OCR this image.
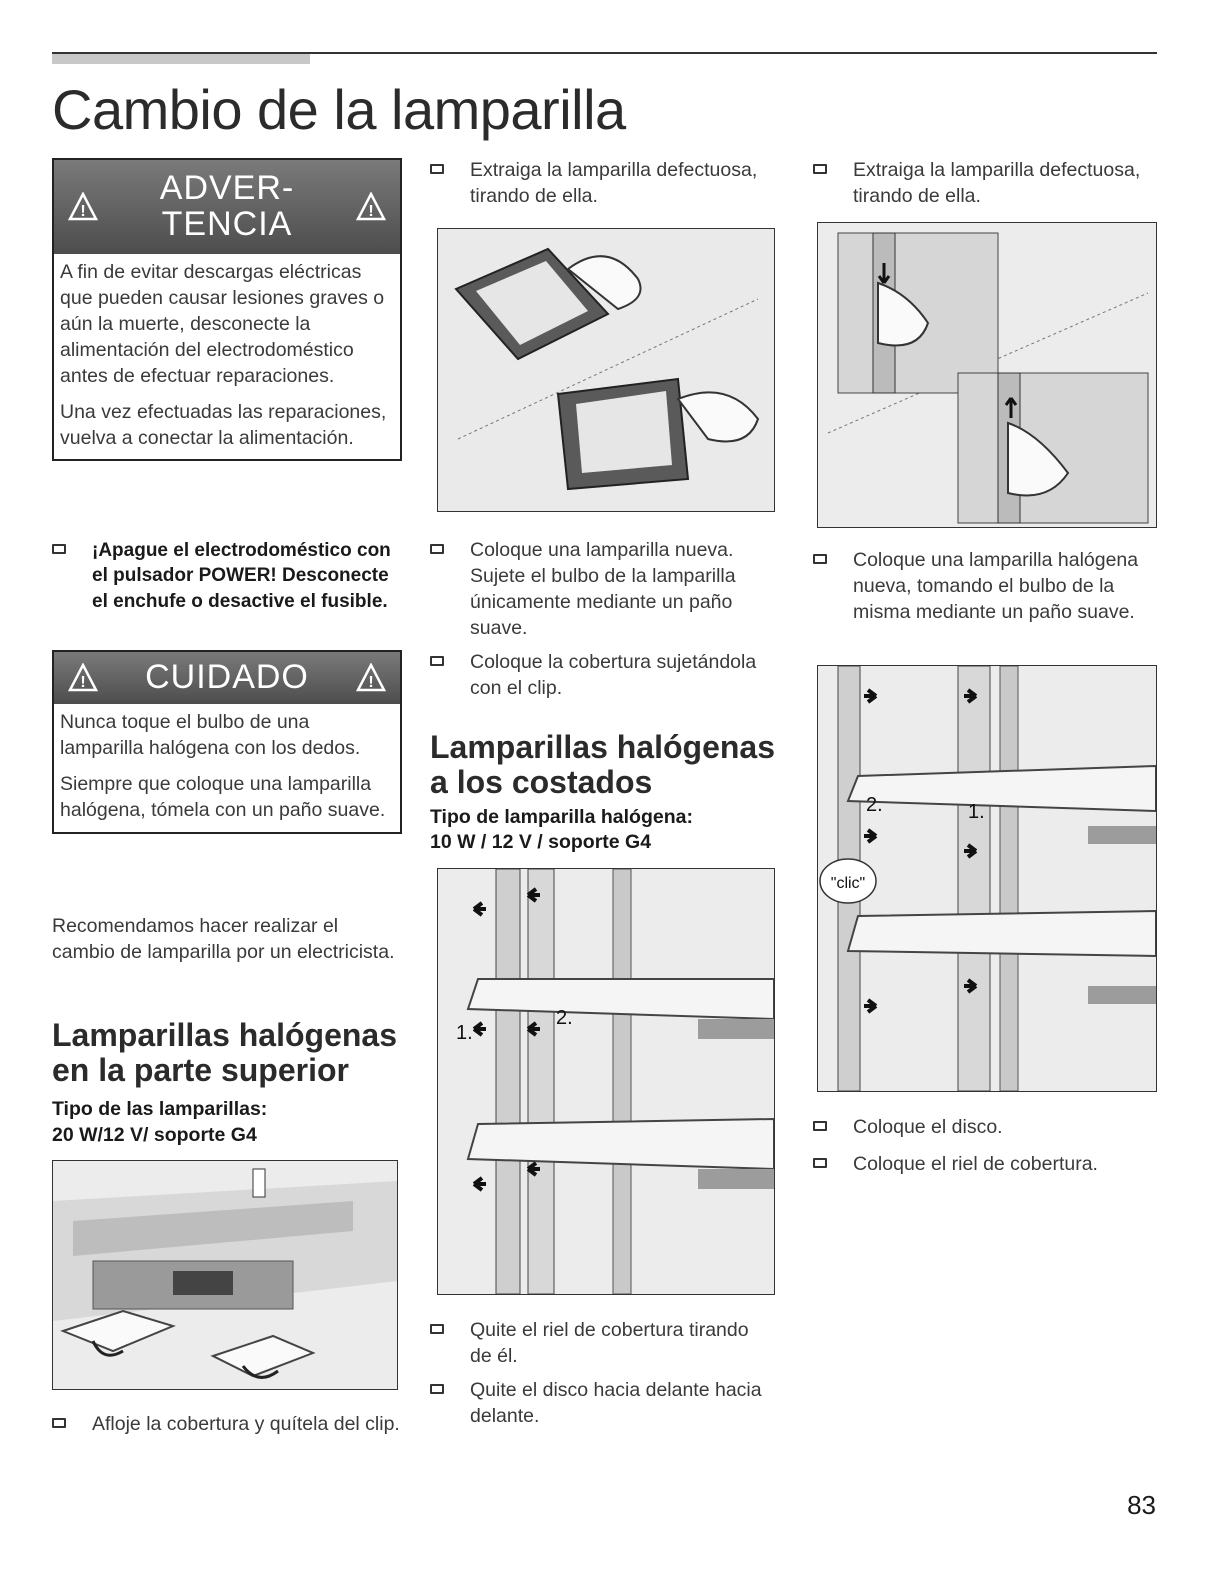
Cambio de la lamparilla
!
ADVER-
TENCIA	!

A fin de evitar descargas eléctricas que pueden causar lesiones graves o aún la muerte, desconecte la alimentación del electrodoméstico antes de efectuar reparaciones.

Una vez efectuadas las reparaciones, vuelva a conectar la alimentación.

¡Apague el electrodoméstico con el pulsador POWER! Desconecte el enchufe o desactive el fusible.
! CUIDADO	!

Nunca toque el bulbo de una lamparilla halógena con los dedos.

Siempre que coloque una lamparilla halógena, tómela con un paño suave.

Recomendamos hacer realizar el cambio de lamparilla por un electricista.
Lamparillas halógenas en la parte superior
Tipo de las lamparillas:
20 W/12 V/ soporte G4
Afloje la cobertura y quítela del clip.
Extraiga la lamparilla defectuosa, tirando de ella.
Coloque una lamparilla nueva. Sujete el bulbo de la lamparilla únicamente mediante un paño suave.
Coloque la cobertura sujetándola con el clip.
Lamparillas halógenas a los costados
Tipo de lamparilla halógena:
10 W / 12 V / soporte G4
1.
2.
Quite el riel de cobertura tirando de él.
Quite el disco hacia delante hacia delante.
Extraiga la lamparilla defectuosa, tirando de ella.
Coloque una lamparilla halógena nueva, tomando el bulbo de la misma mediante un paño suave.
2.	1.
"clic"
Coloque el disco.
Coloque el riel de cobertura.
83
